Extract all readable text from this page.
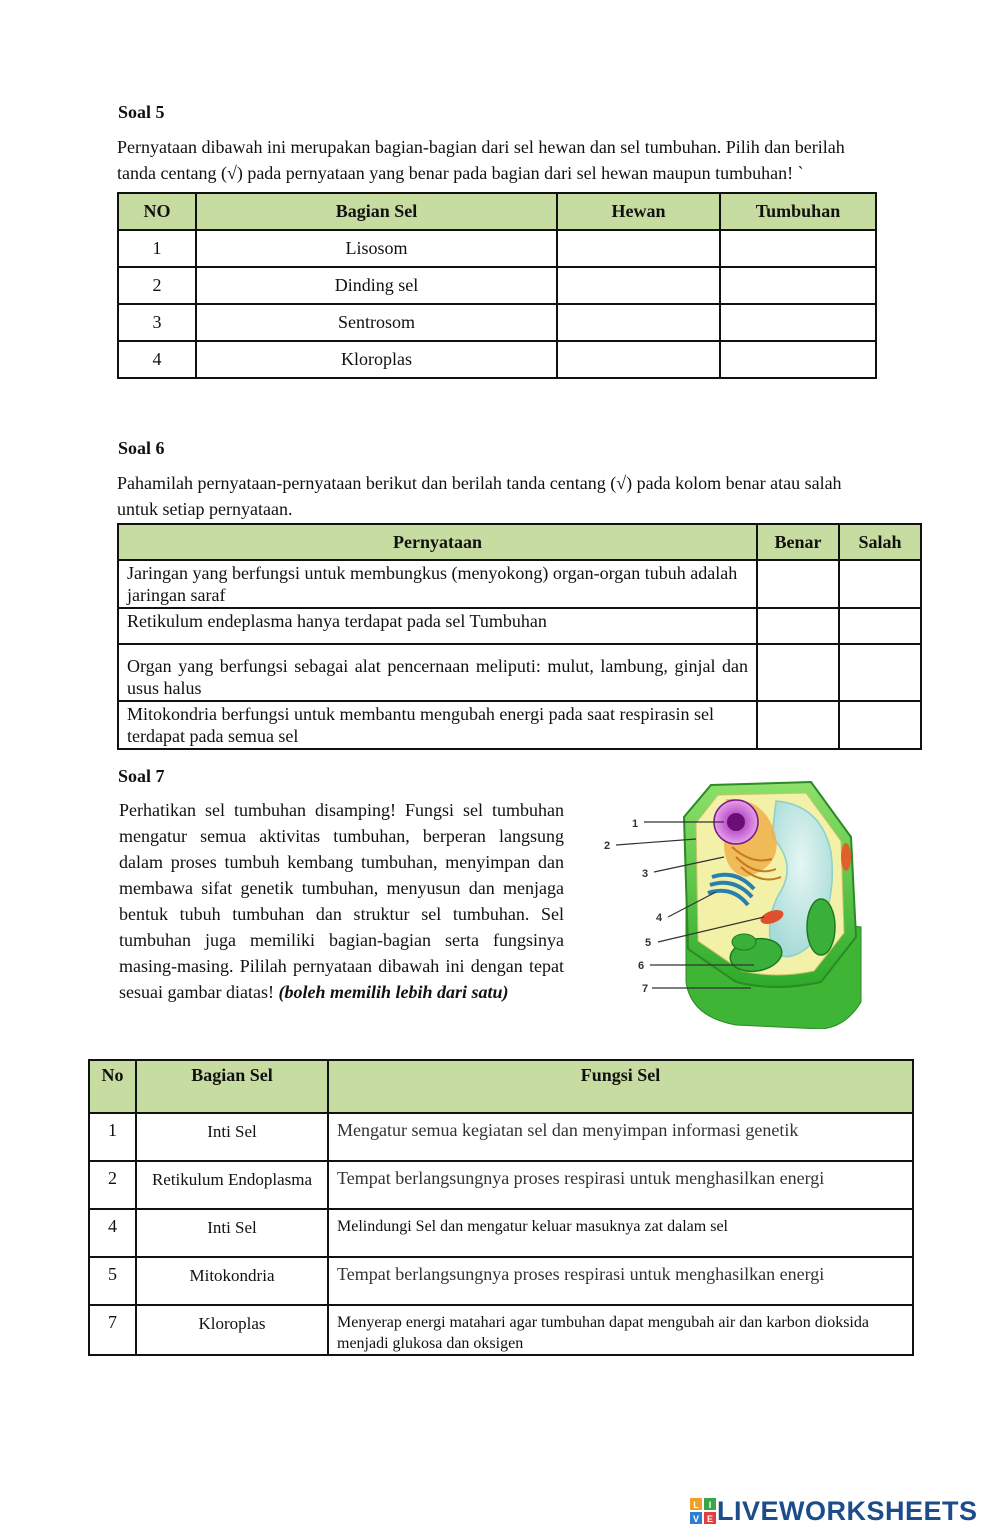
Soal 5
Pernyataan dibawah ini merupakan bagian-bagian dari sel hewan dan sel tumbuhan. Pilih dan berilah
tanda centang (√) pada pernyataan yang benar pada bagian dari sel hewan maupun tumbuhan! `
NO	Bagian Sel	Hewan	Tumbuhan
1	Lisosom		
2	Dinding sel		
3	Sentrosom		
4	Kloroplas		
Soal 6
Pahamilah pernyataan-pernyataan berikut dan berilah tanda centang (√) pada kolom benar atau salah
untuk setiap pernyataan.
Pernyataan	Benar	Salah
Jaringan yang berfungsi untuk membungkus (menyokong) organ-organ tubuh adalah jaringan saraf		
Retikulum endeplasma hanya terdapat pada sel Tumbuhan		
Organ yang berfungsi sebagai alat pencernaan meliputi: mulut, lambung, ginjal dan usus halus		
Mitokondria berfungsi untuk membantu mengubah energi pada saat respirasin sel terdapat pada semua sel		
Soal 7
Perhatikan sel tumbuhan disamping! Fungsi sel tumbuhan mengatur semua aktivitas tumbuhan, berperan langsung dalam proses tumbuh kembang tumbuhan, menyimpan dan membawa sifat genetik tumbuhan, menyusun dan menjaga bentuk tubuh tumbuhan dan struktur sel tumbuhan. Sel tumbuhan juga memiliki bagian-bagian serta fungsinya masing-masing. Pililah pernyataan dibawah ini dengan tepat sesuai gambar diatas! (boleh memilih lebih dari satu)
1
2
3
4
5
6
7
No	Bagian Sel	Fungsi Sel
1	Inti Sel	Mengatur semua kegiatan sel dan menyimpan informasi genetik
2	Retikulum Endoplasma	Tempat berlangsungnya proses respirasi untuk menghasilkan energi
4	Inti Sel	Melindungi Sel dan mengatur keluar masuknya zat dalam sel
5	Mitokondria	Tempat berlangsungnya proses respirasi untuk menghasilkan energi
7	Kloroplas	Menyerap energi matahari agar tumbuhan dapat mengubah air dan karbon dioksida menjadi glukosa dan oksigen
L I
V E LIVEWORKSHEETS
